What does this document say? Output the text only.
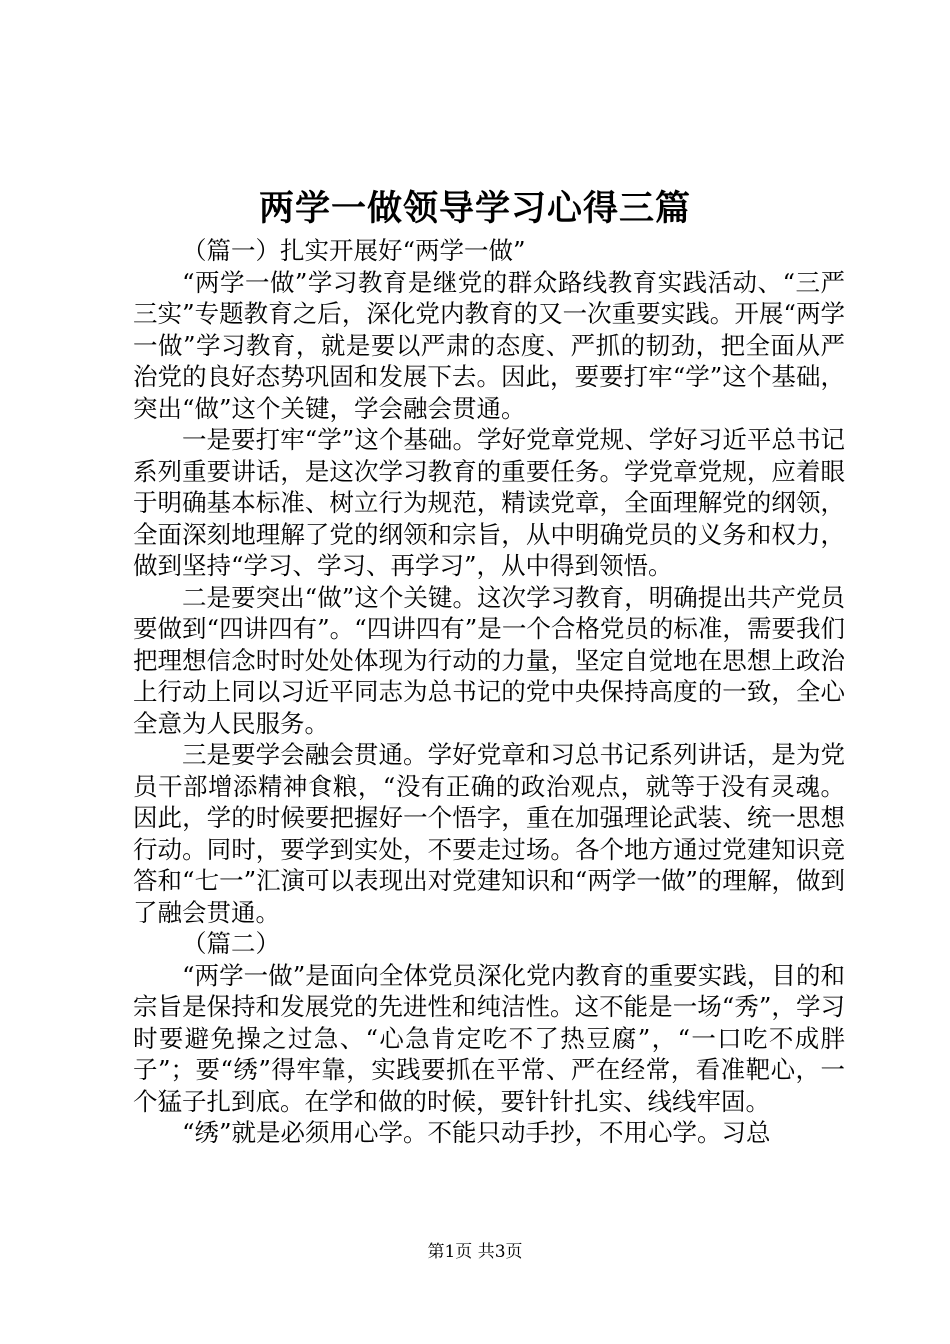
两学一做领导学习心得三篇

（篇一）扎实开展好“两学一做”

“两学一做”学习教育是继党的群众路线教育实践活动、“三严三实”专题教育之后，深化党内教育的又一次重要实践。开展“两学一做”学习教育，就是要以严肃的态度、严抓的韧劲，把全面从严治党的良好态势巩固和发展下去。因此，要要打牢“学”这个基础，突出“做”这个关键，学会融会贯通。

一是要打牢“学”这个基础。学好党章党规、学好习近平总书记系列重要讲话，是这次学习教育的重要任务。学党章党规，应着眼于明确基本标准、树立行为规范，精读党章，全面理解党的纲领，全面深刻地理解了党的纲领和宗旨，从中明确党员的义务和权力，做到坚持“学习、学习、再学习”，从中得到领悟。

二是要突出“做”这个关键。这次学习教育，明确提出共产党员要做到“四讲四有”。“四讲四有”是一个合格党员的标准，需要我们把理想信念时时处处体现为行动的力量，坚定自觉地在思想上政治上行动上同以习近平同志为总书记的党中央保持高度的一致，全心全意为人民服务。

三是要学会融会贯通。学好党章和习总书记系列讲话，是为党员干部增添精神食粮，“没有正确的政治观点，就等于没有灵魂。因此，学的时候要把握好一个悟字，重在加强理论武装、统一思想行动。同时，要学到实处，不要走过场。各个地方通过党建知识竞答和“七一”汇演可以表现出对党建知识和“两学一做”的理解，做到了融会贯通。

（篇二）

“两学一做”是面向全体党员深化党内教育的重要实践，目的和宗旨是保持和发展党的先进性和纯洁性。这不能是一场“秀”，学习时要避免操之过急、“心急肯定吃不了热豆腐”，“一口吃不成胖子”；要“绣”得牢靠，实践要抓在平常、严在经常，看准靶心，一个猛子扎到底。在学和做的时候，要针针扎实、线线牢固。

“绣”就是必须用心学。不能只动手抄，不用心学。习总

第1页 共3页
